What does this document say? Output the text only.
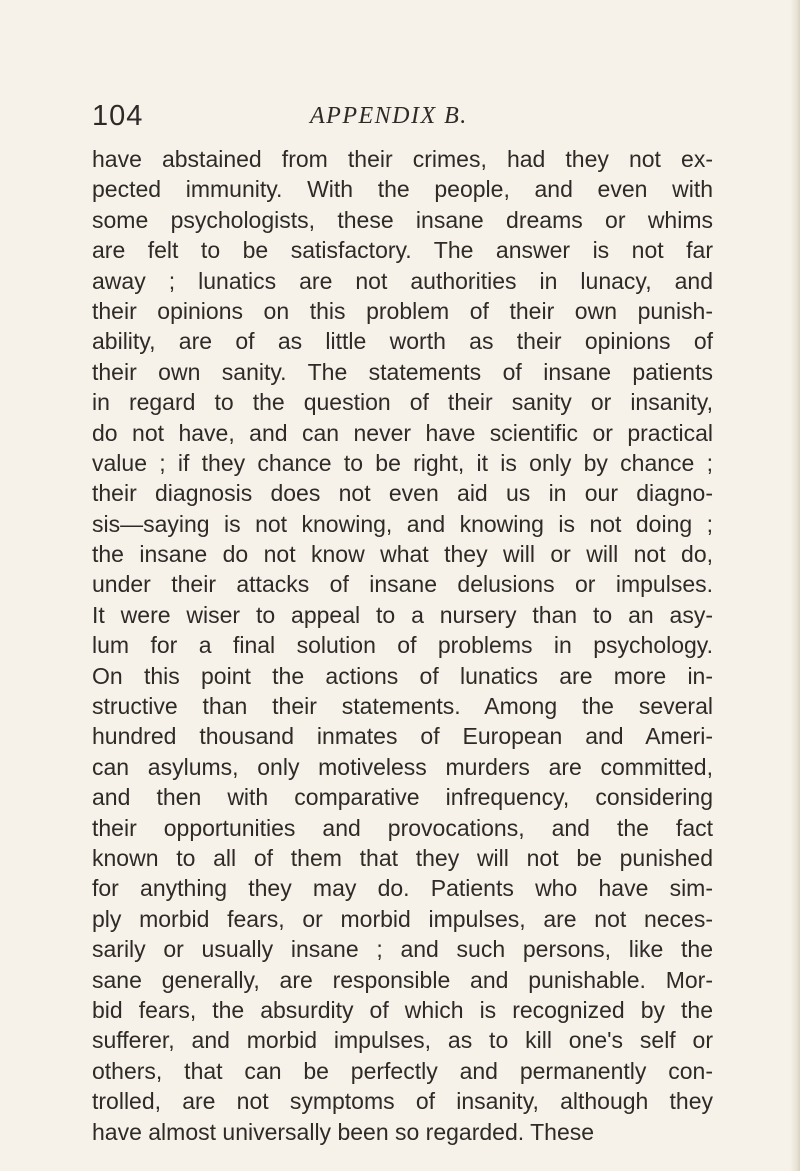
104	APPENDIX B.
have abstained from their crimes, had they not ex-
pected immunity. With the people, and even with
some psychologists, these insane dreams or whims
are felt to be satisfactory. The answer is not far
away ; lunatics are not authorities in lunacy, and
their opinions on this problem of their own punish-
ability, are of as little worth as their opinions of
their own sanity. The statements of insane patients
in regard to the question of their sanity or insanity,
do not have, and can never have scientific or practical
value ; if they chance to be right, it is only by chance ;
their diagnosis does not even aid us in our diagno-
sis—saying is not knowing, and knowing is not doing ;
the insane do not know what they will or will not do,
under their attacks of insane delusions or impulses.
It were wiser to appeal to a nursery than to an asy-
lum for a final solution of problems in psychology.
On this point the actions of lunatics are more in-
structive than their statements. Among the several
hundred thousand inmates of European and Ameri-
can asylums, only motiveless murders are committed,
and then with comparative infrequency, considering
their opportunities and provocations, and the fact
known to all of them that they will not be punished
for anything they may do. Patients who have sim-
ply morbid fears, or morbid impulses, are not neces-
sarily or usually insane ; and such persons, like the
sane generally, are responsible and punishable. Mor-
bid fears, the absurdity of which is recognized by the
sufferer, and morbid impulses, as to kill one's self or
others, that can be perfectly and permanently con-
trolled, are not symptoms of insanity, although they
have almost universally been so regarded. These
